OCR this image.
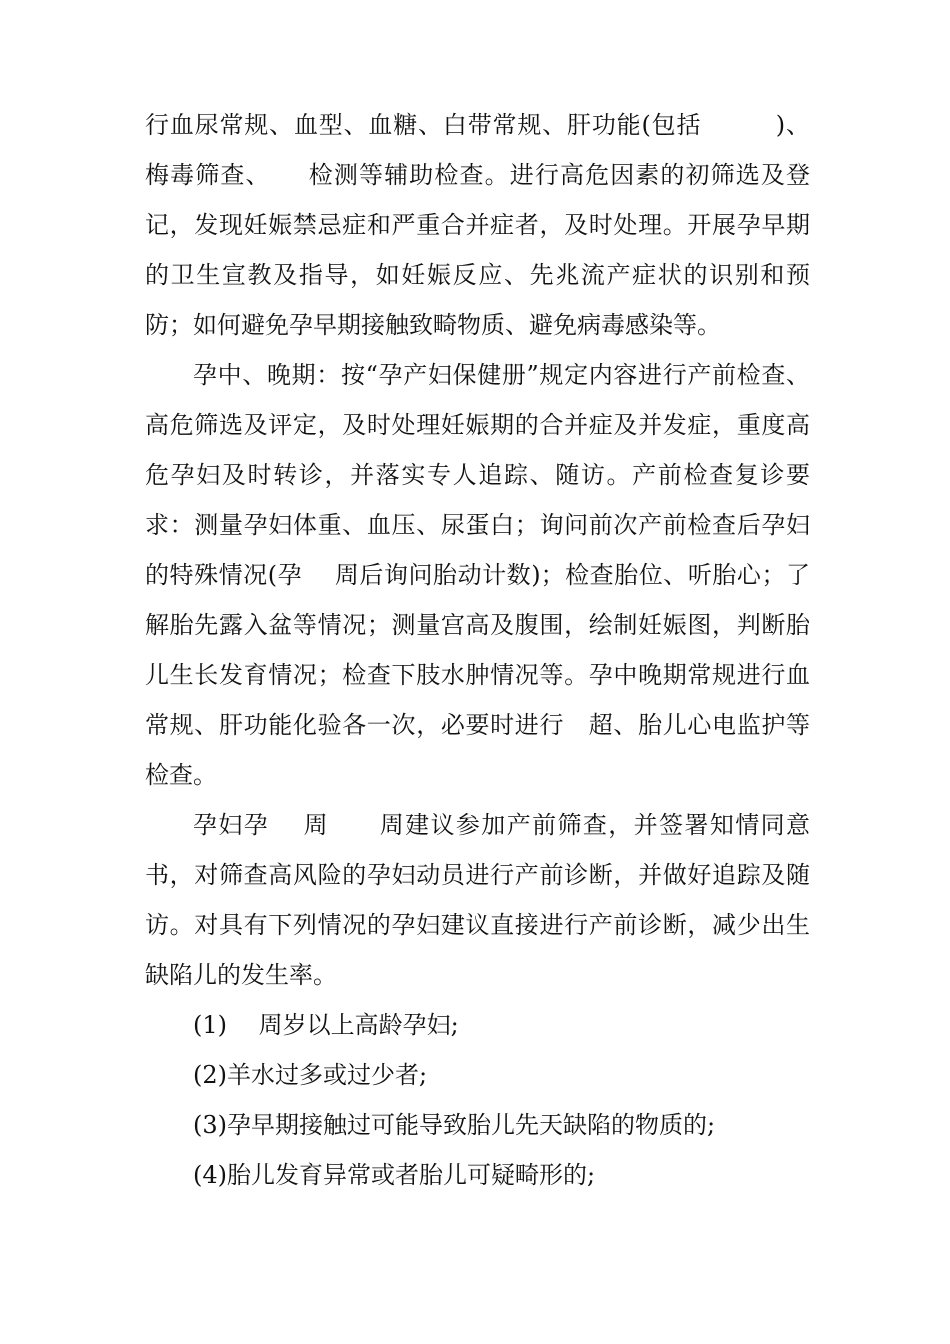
行血尿常规、血型、血糖、白带常规、肝功能(包括　　　)、梅毒筛查、　　检测等辅助检查。进行高危因素的初筛选及登记，发现妊娠禁忌症和严重合并症者，及时处理。开展孕早期的卫生宣教及指导，如妊娠反应、先兆流产症状的识别和预防；如何避免孕早期接触致畸物质、避免病毒感染等。

孕中、晚期：按“孕产妇保健册”规定内容进行产前检查、高危筛选及评定，及时处理妊娠期的合并症及并发症，重度高危孕妇及时转诊，并落实专人追踪、随访。产前检查复诊要求：测量孕妇体重、血压、尿蛋白；询问前次产前检查后孕妇的特殊情况(孕　 周后询问胎动计数)；检查胎位、听胎心；了解胎先露入盆等情况；测量宫高及腹围，绘制妊娠图，判断胎儿生长发育情况；检查下肢水肿情况等。孕中晚期常规进行血常规、肝功能化验各一次，必要时进行　超、胎儿心电监护等检查。

孕妇孕　 周　　周建议参加产前筛查，并签署知情同意书，对筛查高风险的孕妇动员进行产前诊断，并做好追踪及随访。对具有下列情况的孕妇建议直接进行产前诊断，减少出生缺陷儿的发生率。

(1)　 周岁以上高龄孕妇;

(2)羊水过多或过少者;

(3)孕早期接触过可能导致胎儿先天缺陷的物质的;

(4)胎儿发育异常或者胎儿可疑畸形的;
